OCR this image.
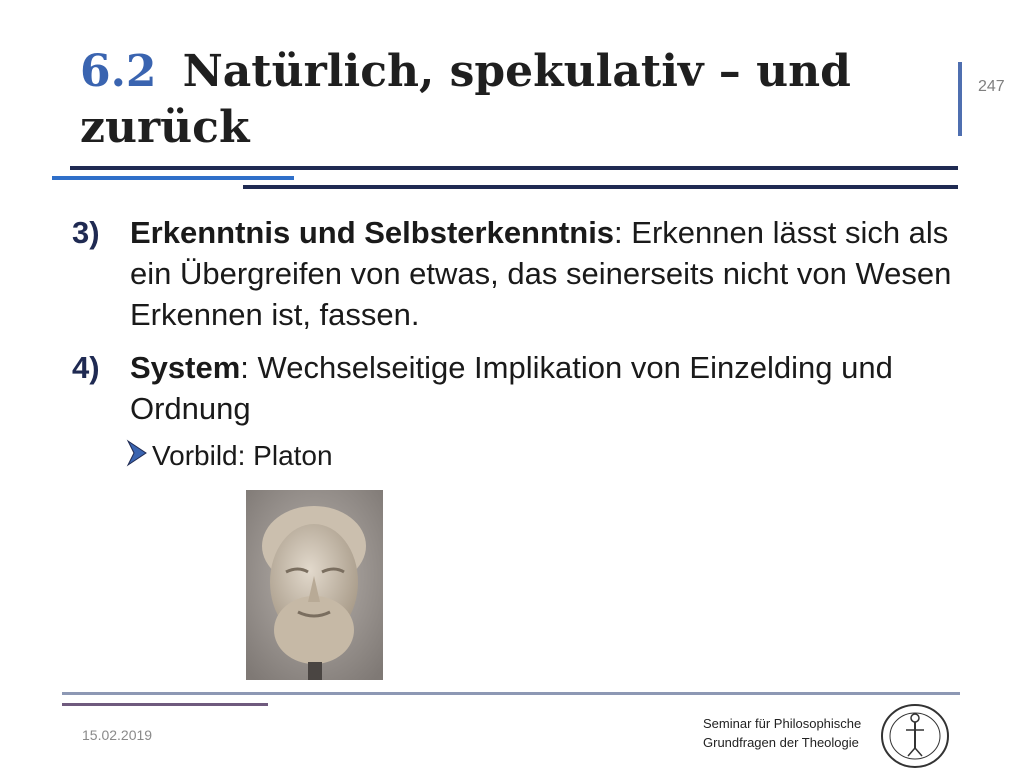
6.2 Natürlich, spekulativ – und
zurück
247
3) Erkenntnis und Selbsterkenntnis: Erkennen lässt sich als ein Übergreifen von etwas, das seinerseits nicht von Wesen Erkennen ist, fassen.
4) System: Wechselseitige Implikation von Einzelding und Ordnung
Vorbild: Platon
15.02.2019
Seminar für Philosophische
Grundfragen der Theologie
